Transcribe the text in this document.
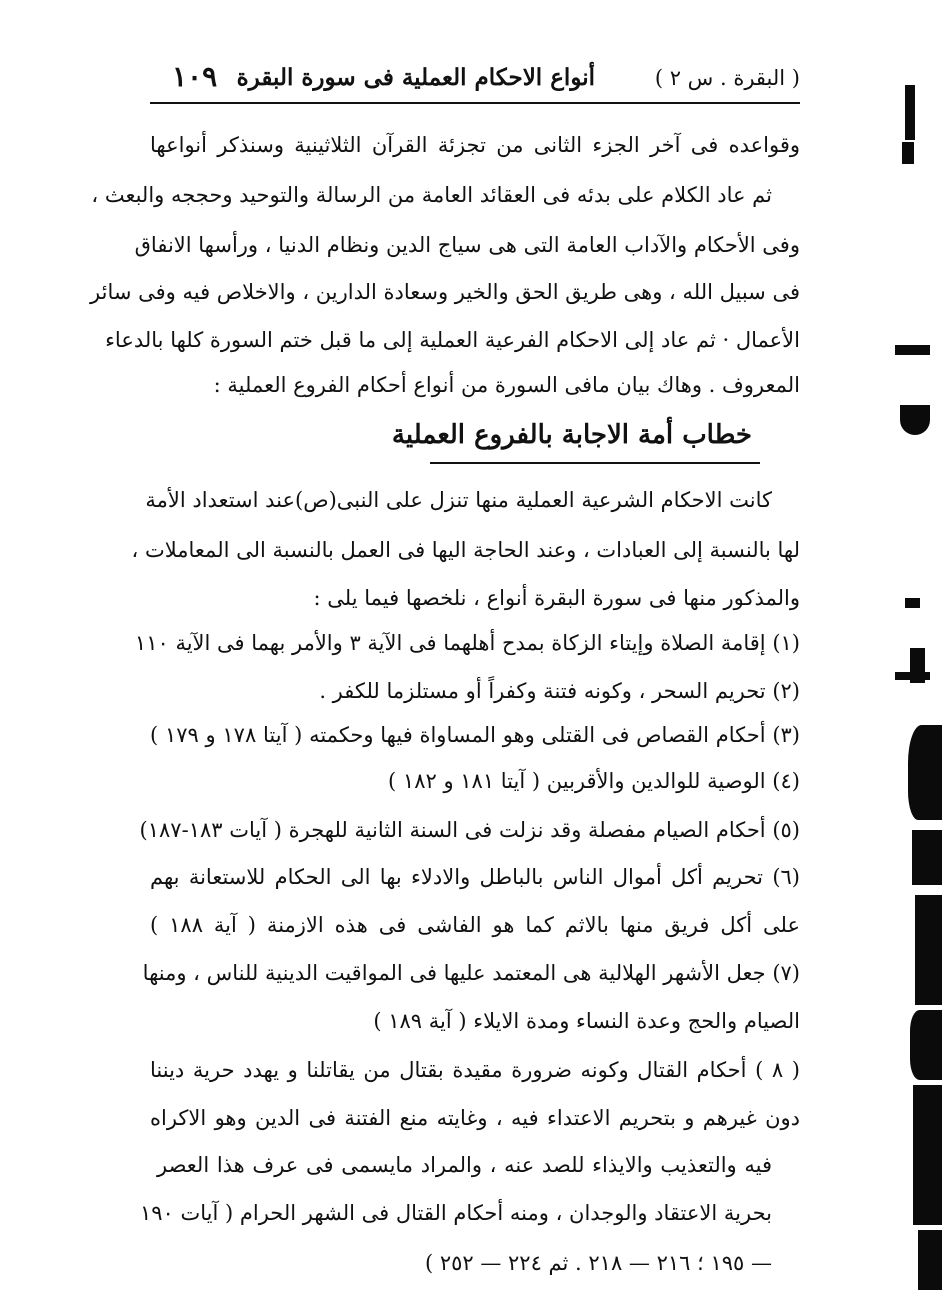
( البقرة . س ٢ )
أنواع الاحكام العملية فى سورة البقرة
١٠٩
وقواعده فى آخر الجزء الثانى من تجزئة القرآن الثلاثينية وسنذكر أنواعها
ثم عاد الكلام على بدئه فى العقائد العامة من الرسالة والتوحيد وحججه والبعث ،
وفى الأحكام والآداب العامة التى هى سياج الدين ونظام الدنيا ، ورأسها الانفاق
فى سبيل الله ، وهى طريق الحق والخير وسعادة الدارين ، والاخلاص فيه وفى سائر
الأعمال · ثم عاد إلى الاحكام الفرعية العملية إلى ما قبل ختم السورة كلها بالدعاء
المعروف . وهاك بيان مافى السورة من أنواع أحكام الفروع العملية :
خطاب أمة الاجابة بالفروع العملية
كانت الاحكام الشرعية العملية منها تنزل على النبى(ص)عند استعداد الأمة
لها بالنسبة إلى العبادات ، وعند الحاجة اليها فى العمل بالنسبة الى المعاملات ،
والمذكور منها فى سورة البقرة أنواع ، نلخصها فيما يلى :
(١) إقامة الصلاة وإيتاء الزكاة بمدح أهلهما فى الآية ٣ والأمر بهما فى الآية ١١٠
(٢) تحريم السحر ، وكونه فتنة وكفراً أو مستلزما للكفر .
(٣) أحكام القصاص فى القتلى وهو المساواة فيها وحكمته ( آيتا ١٧٨ و ١٧٩ )
(٤) الوصية للوالدين والأقربين ( آيتا ١٨١ و ١٨٢ )
(٥) أحكام الصيام مفصلة وقد نزلت فى السنة الثانية للهجرة ( آيات ١٨٣-١٨٧)
(٦) تحريم أكل أموال الناس بالباطل والادلاء بها الى الحكام للاستعانة بهم
على أكل فريق منها بالاثم كما هو الفاشى فى هذه الازمنة ( آية ١٨٨ )
(٧) جعل الأشهر الهلالية هى المعتمد عليها فى المواقيت الدينية للناس ، ومنها
الصيام والحج وعدة النساء ومدة الايلاء ( آية ١٨٩ )
( ٨ ) أحكام القتال وكونه ضرورة مقيدة بقتال من يقاتلنا و يهدد حرية ديننا
دون غيرهم و بتحريم الاعتداء فيه ، وغايته منع الفتنة فى الدين وهو الاكراه
فيه والتعذيب والايذاء للصد عنه ، والمراد مايسمى فى عرف هذا العصر
بحرية الاعتقاد والوجدان ، ومنه أحكام القتال فى الشهر الحرام ( آيات ١٩٠
— ١٩٥ ؛ ٢١٦ — ٢١٨ . ثم ٢٢٤ — ٢٥٢ )
